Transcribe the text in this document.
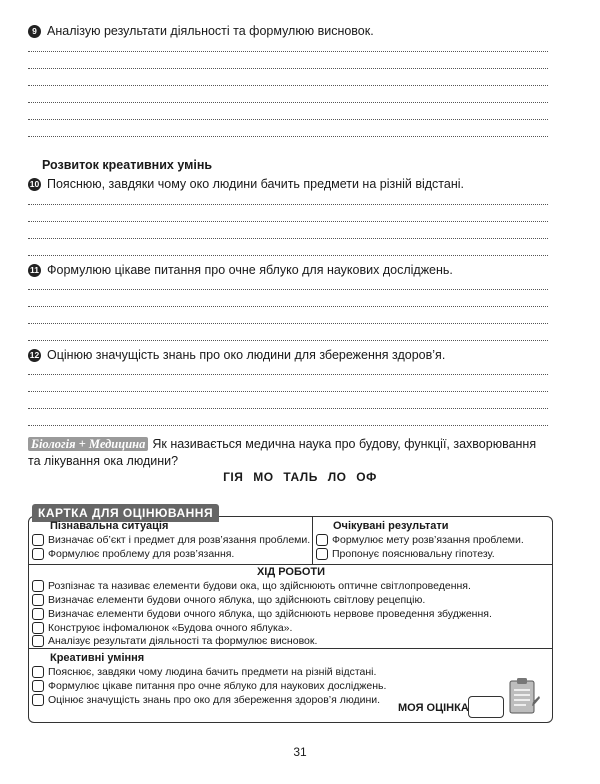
9 Аналізую результати діяльності та формулюю висновок.
Розвиток креативних умінь
10 Пояснюю, завдяки чому око людини бачить предмети на різній відстані.
11 Формулюю цікаве питання про очне яблуко для наукових досліджень.
12 Оцінюю значущість знань про око людини для збереження здоров’я.
Біологія + Медицина Як називається медична наука про будову, функції, захворювання та лікування ока людини?
ГІЯ МО ТАЛЬ ЛО ОФ
КАРТКА ДЛЯ ОЦІНЮВАННЯ
Пізнавальна ситуація
Визначає об’єкт і предмет для розв’язання проблеми.
Формулює проблему для розв’язання.
Очікувані результати
Формулює мету розв’язання проблеми.
Пропонує пояснювальну гіпотезу.
ХІД РОБОТИ
Розпізнає та називає елементи будови ока, що здійснюють оптичне світлопроведення.
Визначає елементи будови очного яблука, що здійснюють світлову рецепцію.
Визначає елементи будови очного яблука, що здійснюють нервове проведення збудження.
Конструює інфомалюнок «Будова очного яблука».
Аналізує результати діяльності та формулює висновок.
Креативні уміння
Пояснює, завдяки чому людина бачить предмети на різній відстані.
Формулює цікаве питання про очне яблуко для наукових досліджень.
Оцінює значущість знань про око для збереження здоров’я людини.
МОЯ ОЦІНКА
31
